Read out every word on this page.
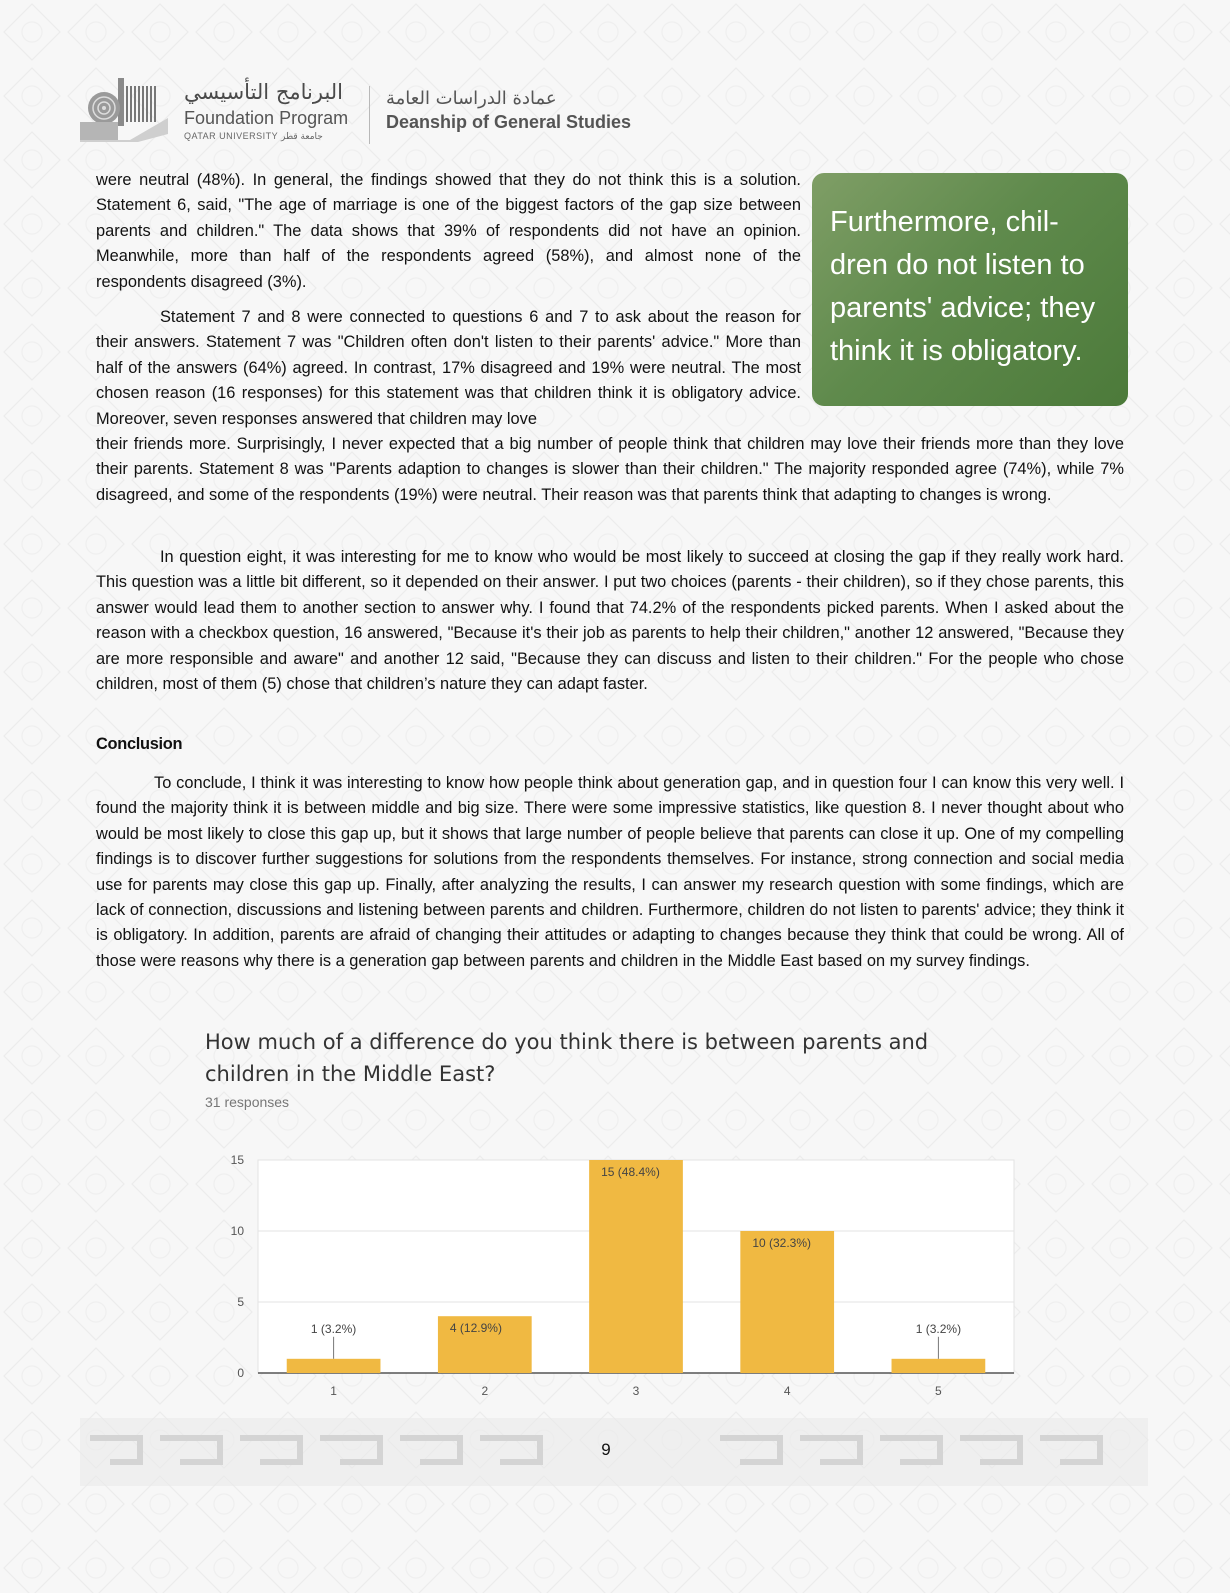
البرنامج التأسيسي
Foundation Program
QATAR UNIVERSITY جامعة قطر
عمادة الدراسات العامة
Deanship of General Studies

were neutral (48%). In general, the findings showed that they do not think this is a solution. Statement 6, said, "The age of marriage is one of the biggest factors of the gap size between parents and children." The data shows that 39% of respondents did not have an opinion. Meanwhile, more than half of the respondents agreed (58%), and almost none of the respondents disagreed (3%).

Statement 7 and 8 were connected to questions 6 and 7 to ask about the reason for their answers. Statement 7 was "Children often don't listen to their parents' advice." More than half of the answers (64%) agreed. In contrast, 17% disagreed and 19% were neutral. The most chosen reason (16 responses) for this statement was that children think it is obligatory advice. Moreover, seven responses answered that children may love

their friends more. Surprisingly, I never expected that a big number of people think that children may love their friends more than they love their parents. Statement 8 was "Parents adaption to changes is slower than their children." The majority responded agree (74%), while 7% disagreed, and some of the respondents (19%) were neutral. Their reason was that parents think that adapting to changes is wrong.

In question eight, it was interesting for me to know who would be most likely to succeed at closing the gap if they really work hard. This question was a little bit different, so it depended on their answer. I put two choices (parents - their children), so if they chose parents, this answer would lead them to another section to answer why. I found that 74.2% of the respondents picked parents. When I asked about the reason with a checkbox question, 16 answered, "Because it's their job as parents to help their children," another 12 answered, "Because they are more responsible and aware" and another 12 said, "Because they can discuss and listen to their children." For the people who chose children, most of them (5) chose that children’s nature they can adapt faster.

Conclusion

To conclude, I think it was interesting to know how people think about generation gap, and in question four I can know this very well. I found the majority think it is between middle and big size. There were some impressive statistics, like question 8. I never thought about who would be most likely to close this gap up, but it shows that large number of people believe that parents can close it up. One of my compelling findings is to discover further suggestions for solutions from the respondents themselves. For instance, strong connection and social media use for parents may close this gap up. Finally, after analyzing the results, I can answer my research question with some findings, which are lack of connection, discussions and listening between parents and children. Furthermore, children do not listen to parents' advice; they think it is obligatory. In addition, parents are afraid of changing their attitudes or adapting to changes because they think that could be wrong. All of those were reasons why there is a generation gap between parents and children in the Middle East based on my survey findings.

Furthermore, chil- dren do not listen to parents' advice; they think it is obligatory.
How much of a difference do you think there is between parents and children in the Middle East?
31 responses
0
5
10
15
1 (3.2%)
1
4 (12.9%)
2
15 (48.4%)
3
10 (32.3%)
4
1 (3.2%)
5
9
